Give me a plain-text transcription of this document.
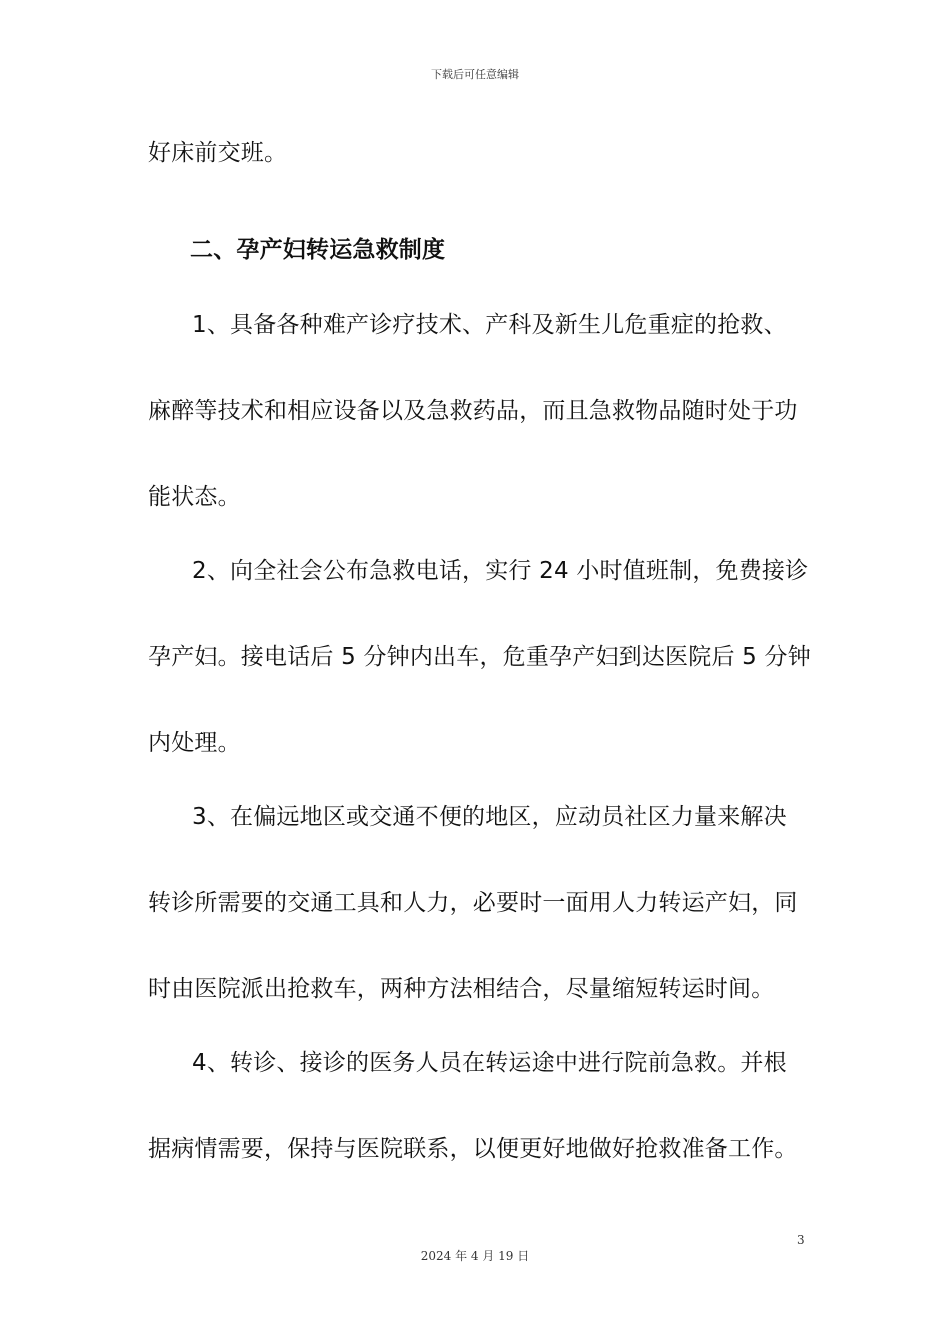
下载后可任意编辑
好床前交班。
二、孕产妇转运急救制度
1、具备各种难产诊疗技术、产科及新生儿危重症的抢救、
麻醉等技术和相应设备以及急救药品，而且急救物品随时处于功
能状态。
2、向全社会公布急救电话，实行 24 小时值班制，免费接诊
孕产妇。接电话后 5 分钟内出车，危重孕产妇到达医院后 5 分钟
内处理。
3、在偏远地区或交通不便的地区，应动员社区力量来解决
转诊所需要的交通工具和人力，必要时一面用人力转运产妇，同
时由医院派出抢救车，两种方法相结合，尽量缩短转运时间。
4、转诊、接诊的医务人员在转运途中进行院前急救。并根
据病情需要，保持与医院联系，以便更好地做好抢救准备工作。
3
2024 年 4 月 19 日
